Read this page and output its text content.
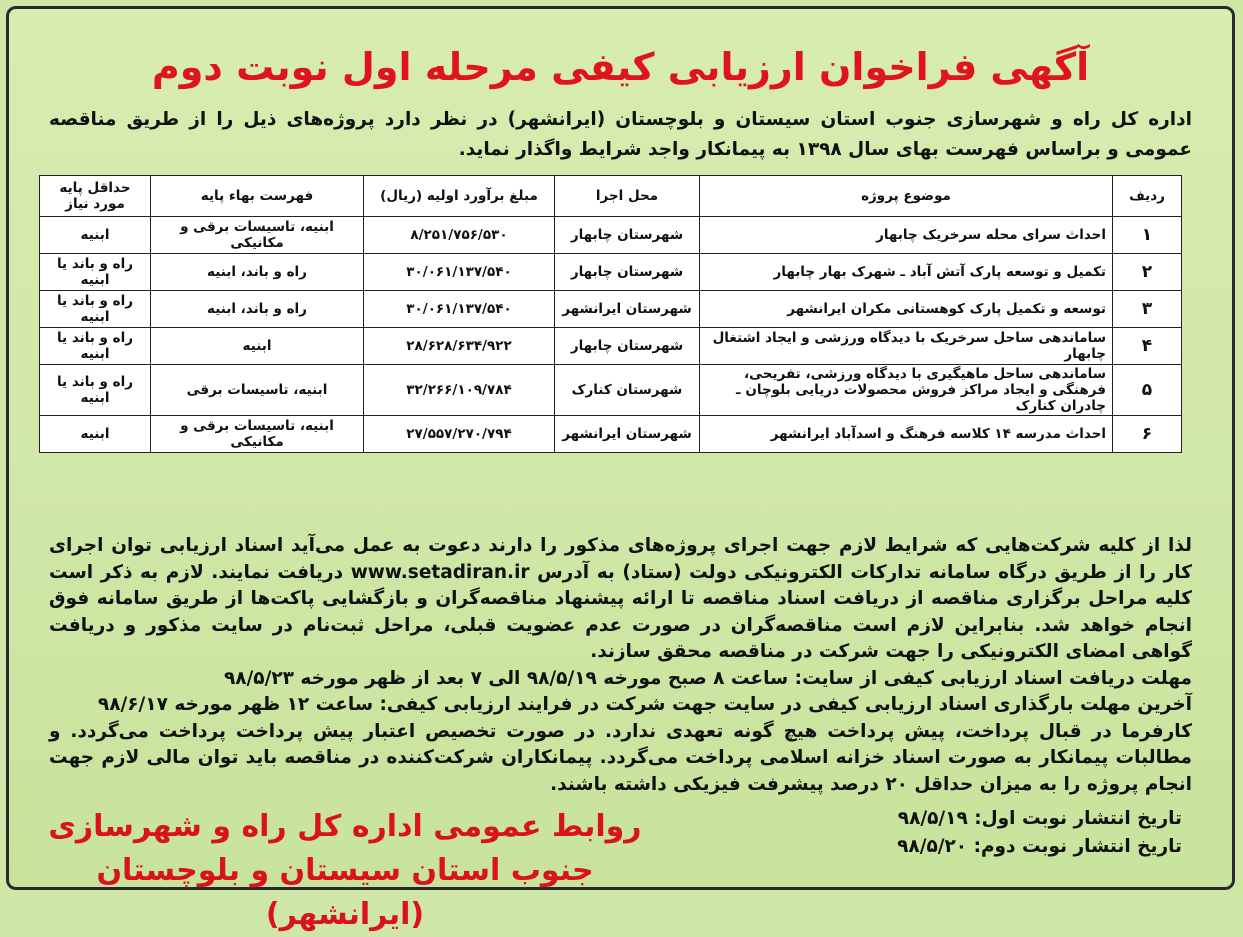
آگهی فراخوان ارزیابی کیفی مرحله اول نوبت دوم
اداره کل راه و شهرسازی جنوب استان سیستان و بلوچستان (ایرانشهر) در نظر دارد پروژه‌های ذیل را از طریق مناقصه عمومی و براساس فهرست بهای سال ۱۳۹۸ به پیمانکار واجد شرایط واگذار نماید.
ردیف	موضوع پروژه	محل اجرا	مبلغ برآورد اولیه (ریال)	فهرست بهاء پایه	حداقل پایه مورد نیاز
۱	احداث سرای محله سرخریک چابهار	شهرستان چابهار	۸/۲۵۱/۷۵۶/۵۳۰	ابنیه، تاسیسات برقی و مکانیکی	ابنیه
۲	تکمیل و توسعه پارک آتش آباد ـ شهرک بهار چابهار	شهرستان چابهار	۳۰/۰۶۱/۱۳۷/۵۴۰	راه و باند، ابنیه	راه و باند یا ابنیه
۳	توسعه و تکمیل پارک کوهستانی مکران ایرانشهر	شهرستان ایرانشهر	۳۰/۰۶۱/۱۳۷/۵۴۰	راه و باند، ابنیه	راه و باند یا ابنیه
۴	ساماندهی ساحل سرخریک با دیدگاه ورزشی و ایجاد اشتغال چابهار	شهرستان چابهار	۲۸/۶۲۸/۶۳۴/۹۲۲	ابنیه	راه و باند یا ابنیه
۵	ساماندهی ساحل ماهیگیری با دیدگاه ورزشی، تفریحی، فرهنگی و ایجاد مراکز فروش محصولات دریایی بلوچان ـ چادران کنارک	شهرستان کنارک	۳۲/۲۶۶/۱۰۹/۷۸۴	ابنیه، تاسیسات برقی	راه و باند یا ابنیه
۶	احداث مدرسه ۱۴ کلاسه فرهنگ و اسدآباد ایرانشهر	شهرستان ایرانشهر	۲۷/۵۵۷/۲۷۰/۷۹۴	ابنیه، تاسیسات برقی و مکانیکی	ابنیه

لذا از کلیه شرکت‌هایی که شرایط لازم جهت اجرای پروژه‌های مذکور را دارند دعوت به عمل می‌آید اسناد ارزیابی توان اجرای کار را از طریق درگاه سامانه تدارکات الکترونیکی دولت (ستاد) به آدرس www.setadiran.ir دریافت نمایند. لازم به ذکر است کلیه مراحل برگزاری مناقصه از دریافت اسناد مناقصه تا ارائه پیشنهاد مناقصه‌گران و بازگشایی پاکت‌ها از طریق سامانه فوق انجام خواهد شد. بنابراین لازم است مناقصه‌گران در صورت عدم عضویت قبلی، مراحل ثبت‌نام در سایت مذکور و دریافت گواهی امضای الکترونیکی را جهت شرکت در مناقصه محقق سازند.

مهلت دریافت اسناد ارزیابی کیفی از سایت: ساعت ۸ صبح مورخه ۹۸/۵/۱۹ الی ۷ بعد از ظهر مورخه ۹۸/۵/۲۳

آخرین مهلت بارگذاری اسناد ارزیابی کیفی در سایت جهت شرکت در فرایند ارزیابی کیفی: ساعت ۱۲ ظهر مورخه ۹۸/۶/۱۷

کارفرما در قبال پرداخت، پیش پرداخت هیچ گونه تعهدی ندارد. در صورت تخصیص اعتبار پیش پرداخت پرداخت می‌گردد. و مطالبات پیمانکار به صورت اسناد خزانه اسلامی پرداخت می‌گردد. پیمانکاران شرکت‌کننده در مناقصه باید توان مالی لازم جهت انجام پروژه را به میزان حداقل ۲۰ درصد پیشرفت فیزیکی داشته باشند.

تاریخ انتشار نوبت اول: ۹۸/۵/۱۹

تاریخ انتشار نوبت دوم: ۹۸/۵/۲۰

روابط عمومی اداره کل راه و شهرسازی

جنوب استان سیستان و بلوچستان (ایرانشهر)
